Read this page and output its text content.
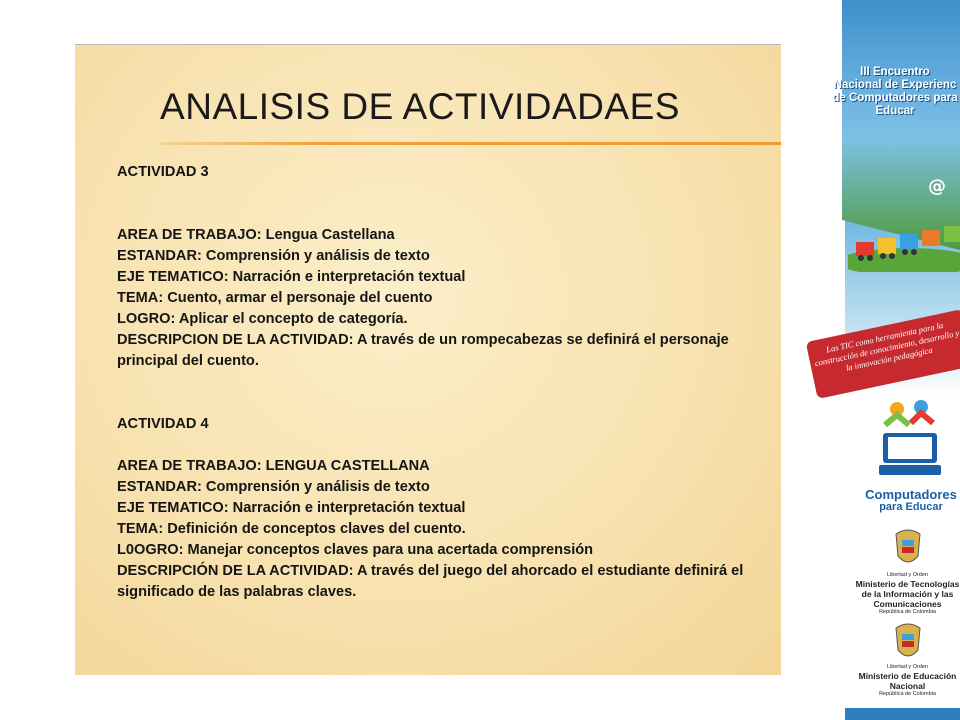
ANALISIS DE ACTIVIDADAES

ACTIVIDAD 3

AREA DE TRABAJO: Lengua Castellana

ESTANDAR: Comprensión y análisis de texto

EJE TEMATICO: Narración e interpretación textual

TEMA: Cuento, armar el personaje del cuento

LOGRO: Aplicar el concepto de categoría.

DESCRIPCION DE LA ACTIVIDAD: A través de un rompecabezas se definirá el personaje principal del cuento.

ACTIVIDAD 4

AREA DE TRABAJO: LENGUA CASTELLANA

ESTANDAR: Comprensión y análisis de texto

EJE TEMATICO: Narración e interpretación textual

TEMA: Definición de conceptos claves del cuento.

L0OGRO: Manejar conceptos claves para una acertada comprensión

DESCRIPCIÓN DE LA ACTIVIDAD: A través del juego del ahorcado el estudiante definirá el significado de las palabras claves.

III Encuentro
Nacional de Experienc
de Computadores para
Educar
@
Las TIC como herramienta para la construcción de conocimiento, desarrollo y la innovación pedagógica
Computadores
para Educar
Libertad y Orden
Ministerio de Tecnologías de la Información y las Comunicaciones
República de Colombia
Libertad y Orden
Ministerio de Educación Nacional
República de Colombia
